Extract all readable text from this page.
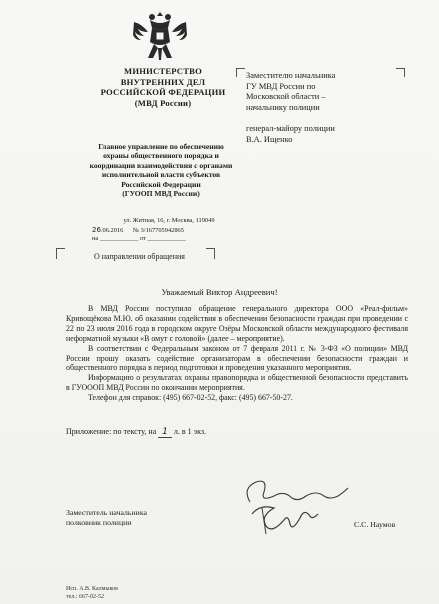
МИНИСТЕРСТВО
ВНУТРЕННИХ ДЕЛ
РОССИЙСКОЙ ФЕДЕРАЦИИ
(МВД России)
Главное управление по обеспечению
охраны общественного порядка и
координации взаимодействия с органами
исполнительной власти субъектов
Российской Федерации
(ГУООП МВД России)
ул. Житная, 16, г. Москва, 119049
26.06.2016 № 3/167705942865
на ____________ от ____________
О направлении обращения
Заместителю начальника
ГУ МВД России по
Московской области –
начальнику полиции
генерал-майору полиции
В.А. Ищенко
Уважаемый Виктор Андреевич!

В МВД России поступило обращение генерального директора ООО «Реал-фильм» Кривощёкова М.Ю. об оказании содействия в обеспечении безопасности граждан при проведении с 22 по 23 июля 2016 года в городском округе Озёры Московской области международного фестиваля неформатной музыки «В омут с головой» (далее – мероприятие).

В соответствии с Федеральным законом от 7 февраля 2011 г. № 3-ФЗ «О полиции» МВД России прошу оказать содействие организаторам в обеспечении безопасности граждан и общественного порядка в период подготовки и проведения указанного мероприятия.

Информацию о результатах охраны правопорядка и общественной безопасности представить в ГУОООП МВД России по окончании мероприятия.

Телефон для справок: (495) 667-02-52, факс: (495) 667-50-27.

Приложение: по тексту, на 1 л. в 1 экз.
Заместитель начальника
полковник полиции	С.С. Наумов
Исп. А.В. Калмыков
тел.: 667-02-52
